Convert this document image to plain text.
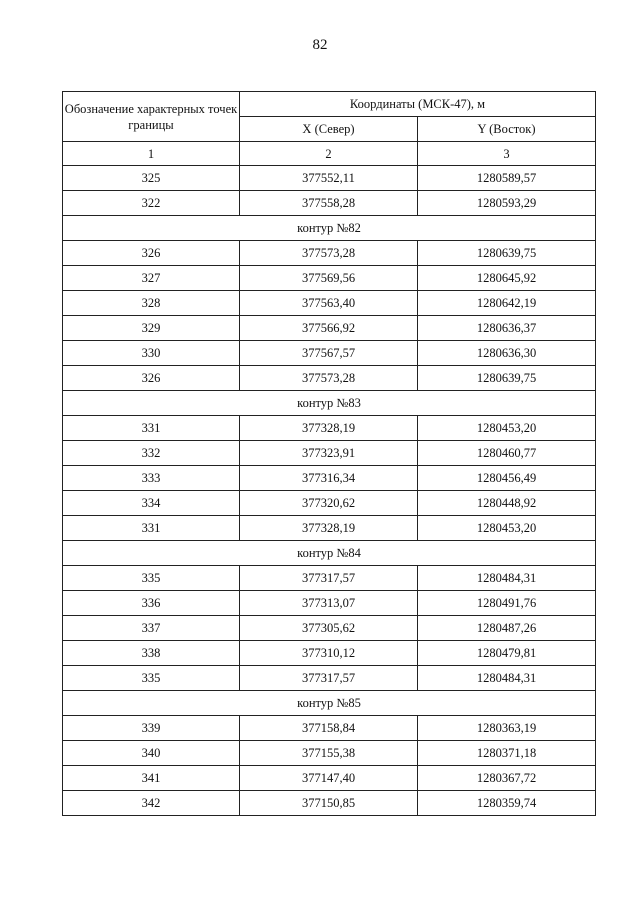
82
Обозначение характерных точек границы	Координаты (МСК-47), м	
	X (Север)	Y (Восток)
1	2	3
325	377552,11	1280589,57
322	377558,28	1280593,29
контур №82		
326	377573,28	1280639,75
327	377569,56	1280645,92
328	377563,40	1280642,19
329	377566,92	1280636,37
330	377567,57	1280636,30
326	377573,28	1280639,75
контур №83		
331	377328,19	1280453,20
332	377323,91	1280460,77
333	377316,34	1280456,49
334	377320,62	1280448,92
331	377328,19	1280453,20
контур №84		
335	377317,57	1280484,31
336	377313,07	1280491,76
337	377305,62	1280487,26
338	377310,12	1280479,81
335	377317,57	1280484,31
контур №85		
339	377158,84	1280363,19
340	377155,38	1280371,18
341	377147,40	1280367,72
342	377150,85	1280359,74
